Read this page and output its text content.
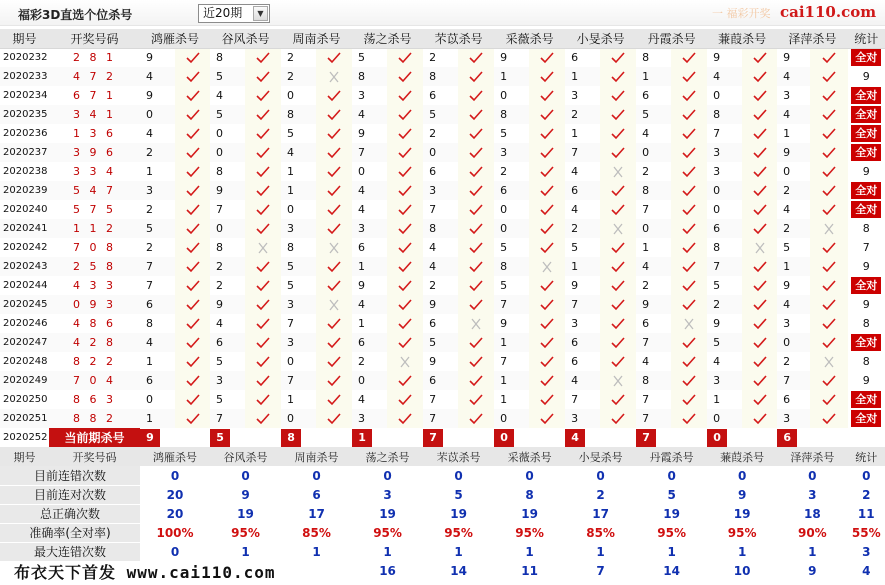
福彩3D直选个位杀号	近20期	▼	一 福彩开奖 cai110.com
期号	开奖号码	鸿雁杀号		谷风杀号		周南杀号		荡之杀号		芣苡杀号		采薇杀号		小旻杀号		丹霞杀号		蒹葭杀号		泽萍杀号		统计
2020232	2 8 1	9		8		2		5		2		9		6		8		9		9		全对
2020233	4 7 2	4		5		2		8		8		1		1		1		4		4		9
2020234	6 7 1	9		4		0		3		6		0		3		6		0		3		全对
2020235	3 4 1	0		5		8		4		5		8		2		5		8		4		全对
2020236	1 3 6	4		0		5		9		2		5		1		4		7		1		全对
2020237	3 9 6	2		0		4		7		0		3		7		0		3		9		全对
2020238	3 3 4	1		8		1		0		6		2		4		2		3		0		9
2020239	5 4 7	3		9		1		4		3		6		6		8		0		2		全对
2020240	5 7 5	2		7		0		4		7		0		4		7		0		4		全对
2020241	1 1 2	5		0		3		3		8		0		2		0		6		2		8
2020242	7 0 8	2		8		8		6		4		5		5		1		8		5		7
2020243	2 5 8	7		2		5		1		4		8		1		4		7		1		9
2020244	4 3 3	7		2		5		9		2		5		9		2		5		9		全对
2020245	0 9 3	6		9		3		4		9		7		7		9		2		4		9
2020246	4 8 6	8		4		7		1		6		9		3		6		9		3		8
2020247	4 2 8	4		6		3		6		5		1		6		7		5		0		全对
2020248	8 2 2	1		5		0		2		9		7		6		4		4		2		8
2020249	7 0 4	6		3		7		0		6		1		4		8		3		7		9
2020250	8 6 3	0		5		1		4		7		1		7		7		1		6		全对
2020251	8 8 2	1		7		0		3		7		0		3		7		0		3		全对
2020252	当前期杀号	9		5		8		1		7		0		4		7		0		6		
期号	开奖号码	鸿雁杀号		谷风杀号		周南杀号		荡之杀号		芣苡杀号		采薇杀号		小旻杀号		丹霞杀号		蒹葭杀号		泽萍杀号		统计
目前连错次数		0		0		0		0		0		0		0		0		0		0		0
目前连对次数		20		9		6		3		5		8		2		5		9		3		2
总正确次数		20		19		17		19		19		19		17		19		19		18		11
准确率(全对率)		100%		95%		85%		95%		95%		95%		85%		95%		95%		90%		55%
最大连错次数		0		1		1		1		1		1		1		1		1		1		3
								16		14		11		7		14		10		9		4
布衣天下首发 www.cai110.com
